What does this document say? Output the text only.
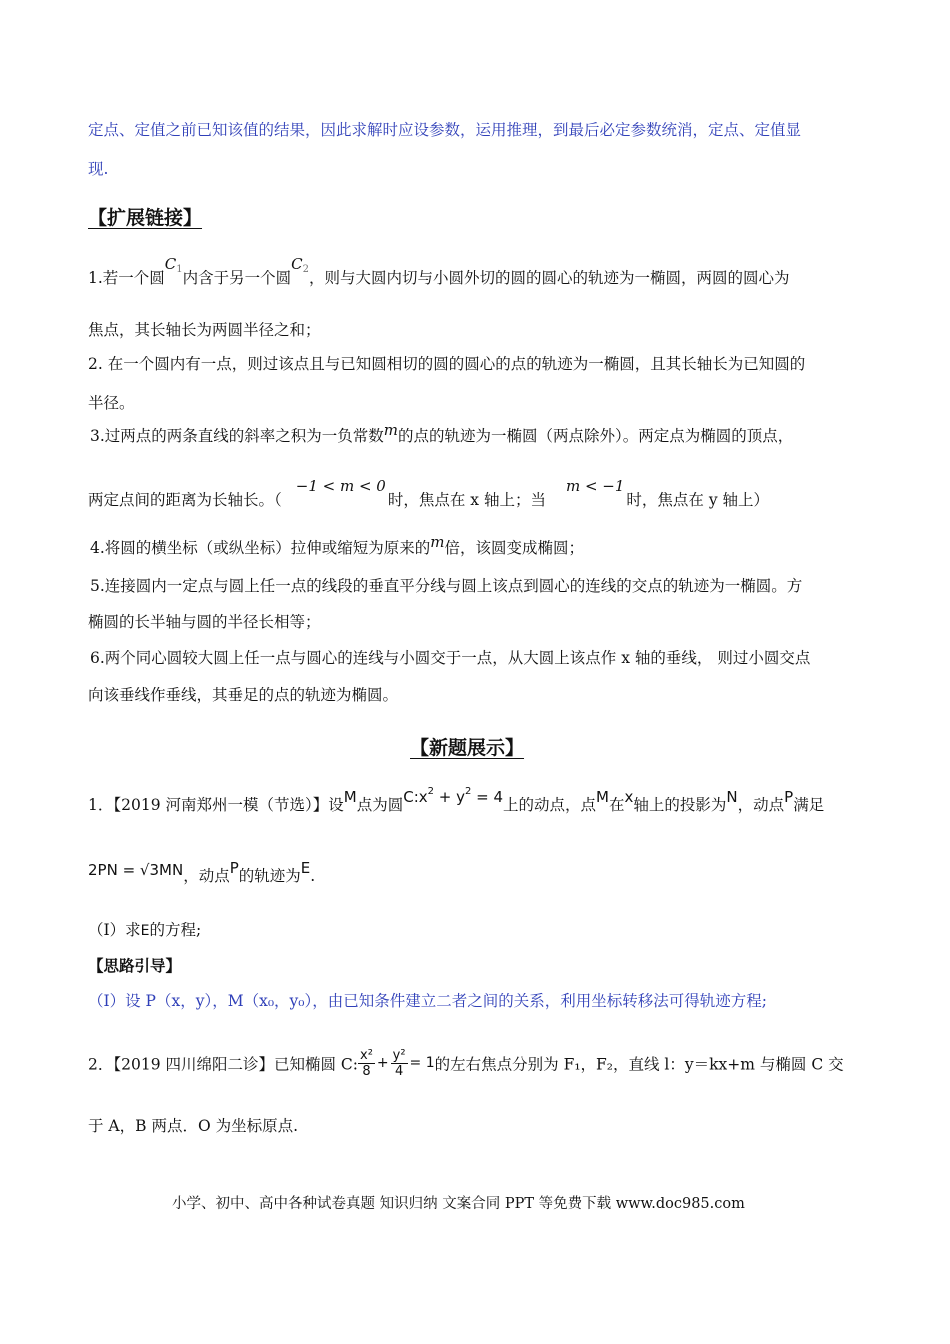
定点、定值之前已知该值的结果，因此求解时应设参数，运用推理，到最后必定参数统消，定点、定值显
现.
【扩展链接】
1.若一个圆$C_1$内含于另一个圆$C_2$，则与大圆内切与小圆外切的圆的圆心的轨迹为一椭圆，两圆的圆心为
焦点，其长轴长为两圆半径之和；
2. 在一个圆内有一点，则过该点且与已知圆相切的圆的圆心的点的轨迹为一椭圆，且其长轴长为已知圆的
半径。
3.过两点的两条直线的斜率之积为一负常数m的点的轨迹为一椭圆（两点除外）。两定点为椭圆的顶点，
两定点间的距离为长轴长。（−1 < m < 0时，焦点在 x 轴上；当m < −1时，焦点在 y 轴上）
4.将圆的横坐标（或纵坐标）拉伸或缩短为原来的m倍，该圆变成椭圆；
5.连接圆内一定点与圆上任一点的线段的垂直平分线与圆上该点到圆心的连线的交点的轨迹为一椭圆。方
椭圆的长半轴与圆的半径长相等；
6.两个同心圆较大圆上任一点与圆心的连线与小圆交于一点，从大圆上该点作 x 轴的垂线， 则过小圆交点
向该垂线作垂线，其垂足的点的轨迹为椭圆。
【新题展示】
1．【2019 河南郑州一模（节选）】设M点为圆$C:x^2 + y^2 = 4$上的动点，点M在x轴上的投影为N，动点P满足
2PN = √3MN，动点P的轨迹为E.
（Ⅰ）求E的方程;
【思路引导】
（Ⅰ）设 P（x，y），M（x₀，y₀），由已知条件建立二者之间的关系，利用坐标转移法可得轨迹方程;
2．【2019 四川绵阳二诊】已知椭圆 C: $\frac{\text{x²}}{8} + \frac{\text{y²}}{4} = 1$的左右焦点分别为 F₁，F₂，直线 l：y＝kx+m 与椭圆 C 交
于 A，B 两点．O 为坐标原点.
小学、初中、高中各种试卷真题 知识归纳 文案合同 PPT 等免费下载 www.doc985.com
